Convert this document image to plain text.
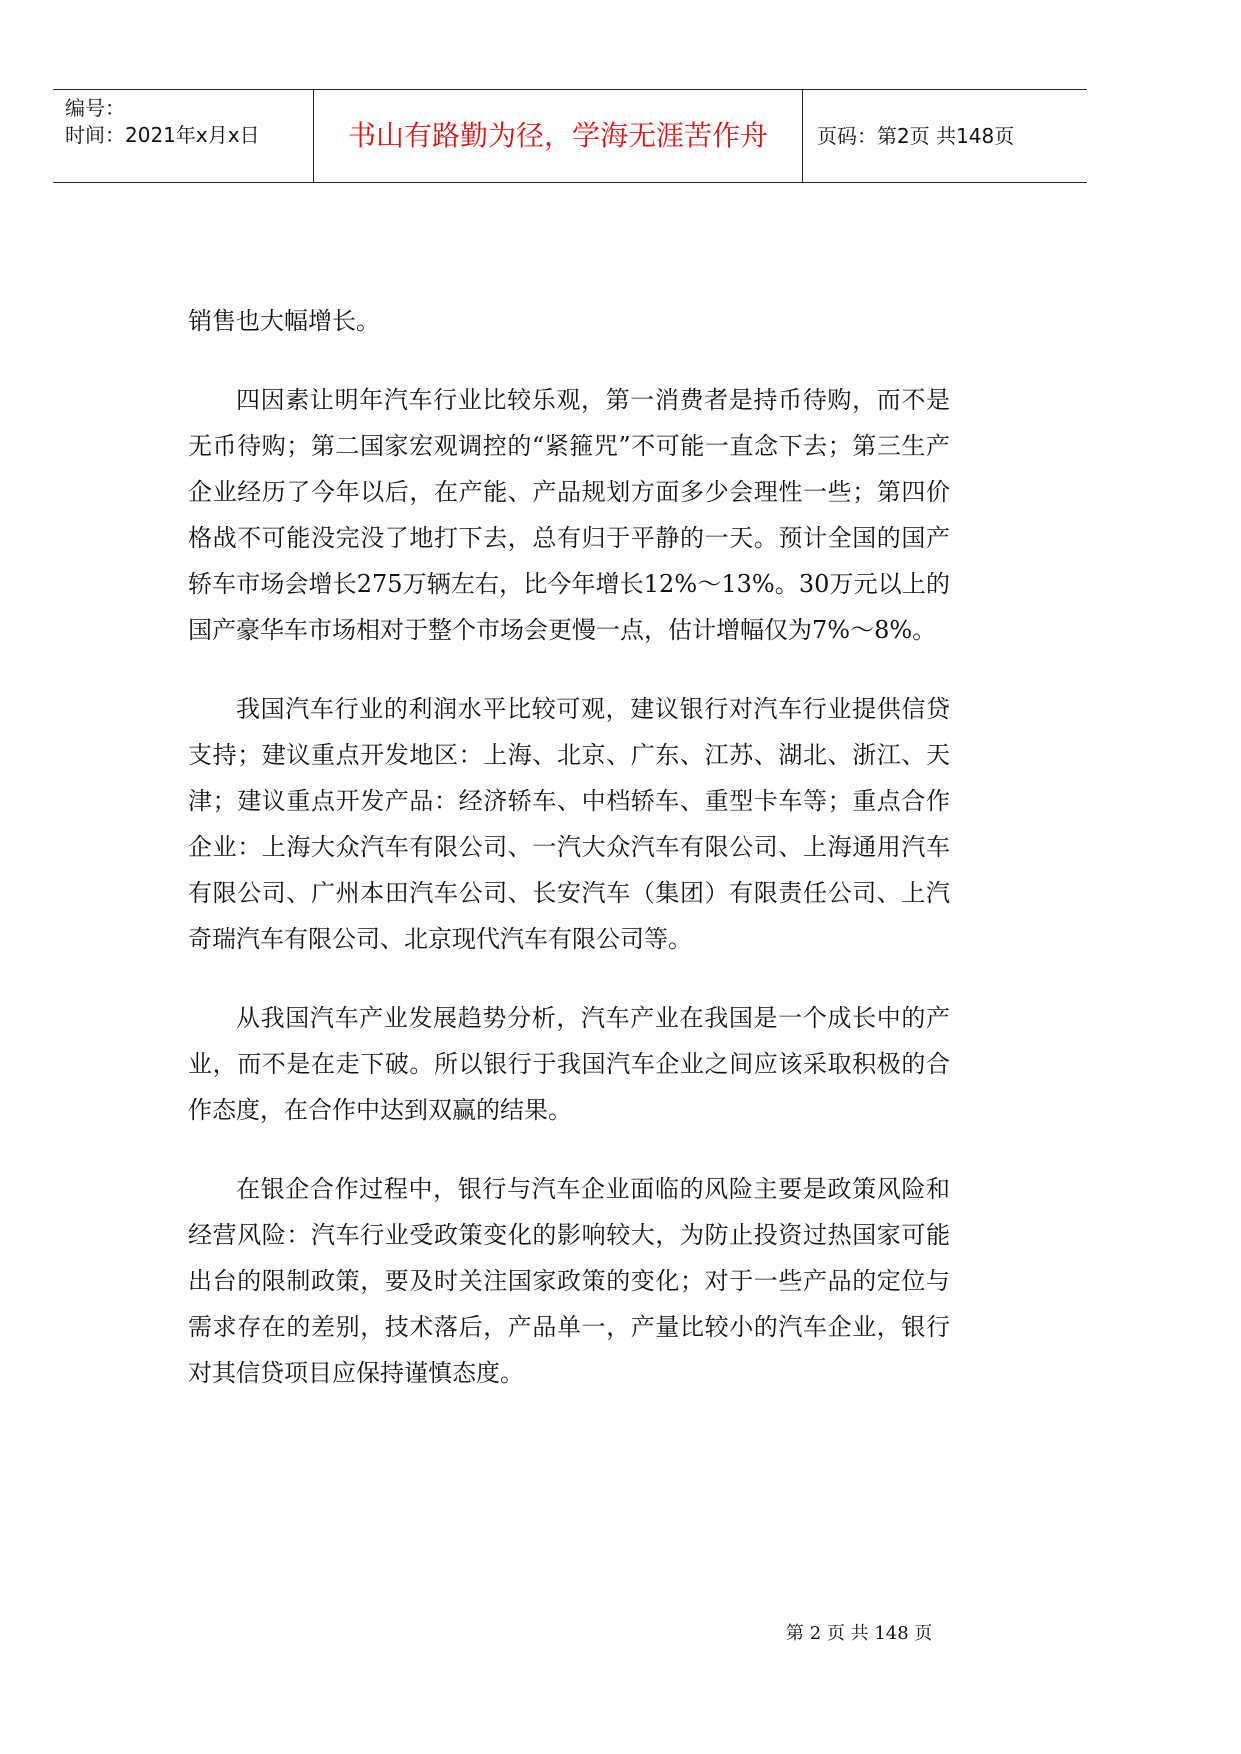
编号：
时间：2021年x月x日	书山有路勤为径，学海无涯苦作舟	页码：第2页 共148页

销售也大幅增长。

四因素让明年汽车行业比较乐观，第一消费者是持币待购，而不是无币待购；第二国家宏观调控的“紧箍咒”不可能一直念下去；第三生产企业经历了今年以后，在产能、产品规划方面多少会理性一些；第四价格战不可能没完没了地打下去，总有归于平静的一天。预计全国的国产轿车市场会增长275万辆左右，比今年增长12%～13%。30万元以上的国产豪华车市场相对于整个市场会更慢一点，估计增幅仅为7%～8%。

我国汽车行业的利润水平比较可观，建议银行对汽车行业提供信贷支持；建议重点开发地区：上海、北京、广东、江苏、湖北、浙江、天津；建议重点开发产品：经济轿车、中档轿车、重型卡车等；重点合作企业：上海大众汽车有限公司、一汽大众汽车有限公司、上海通用汽车有限公司、广州本田汽车公司、长安汽车（集团）有限责任公司、上汽奇瑞汽车有限公司、北京现代汽车有限公司等。

从我国汽车产业发展趋势分析，汽车产业在我国是一个成长中的产业，而不是在走下破。所以银行于我国汽车企业之间应该采取积极的合作态度，在合作中达到双赢的结果。

在银企合作过程中，银行与汽车企业面临的风险主要是政策风险和经营风险：汽车行业受政策变化的影响较大，为防止投资过热国家可能出台的限制政策，要及时关注国家政策的变化；对于一些产品的定位与需求存在的差别，技术落后，产品单一，产量比较小的汽车企业，银行对其信贷项目应保持谨慎态度。

第 2 页 共 148 页
